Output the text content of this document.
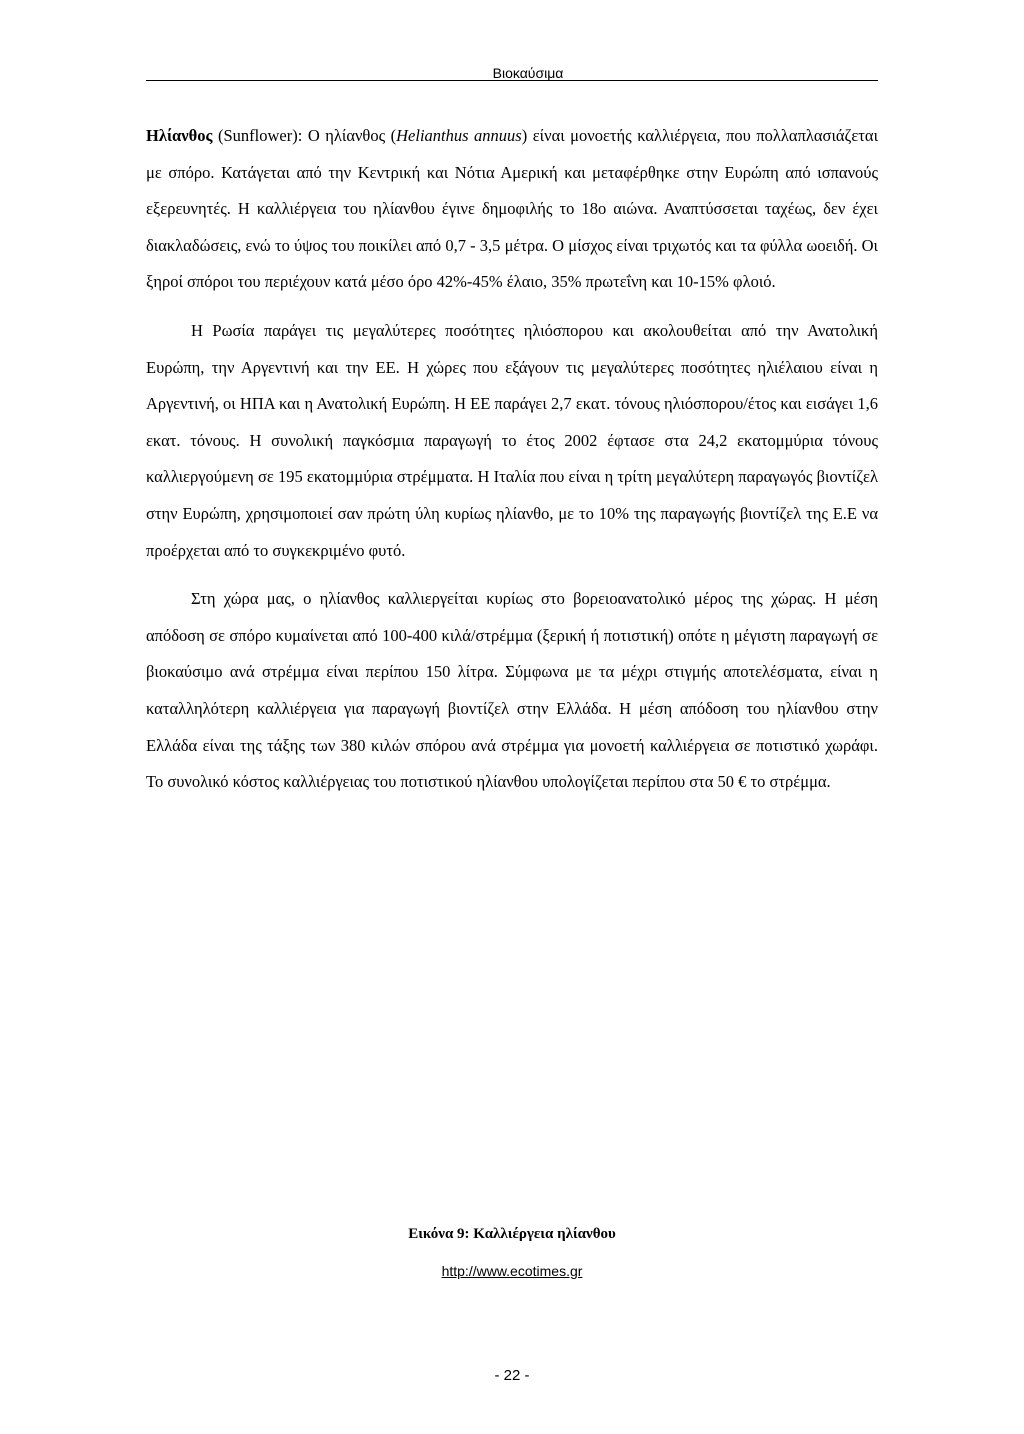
Βιοκαύσιμα

Ηλίανθος (Sunflower): Ο ηλίανθος (Helianthus annuus) είναι μονοετής καλλιέργεια, που πολλαπλασιάζεται με σπόρο. Κατάγεται από την Κεντρική και Νότια Αμερική και μεταφέρθηκε στην Ευρώπη από ισπανούς εξερευνητές. Η καλλιέργεια του ηλίανθου έγινε δημοφιλής το 18ο αιώνα. Αναπτύσσεται ταχέως, δεν έχει διακλαδώσεις, ενώ το ύψος του ποικίλει από 0,7 - 3,5 μέτρα. Ο μίσχος είναι τριχωτός και τα φύλλα ωοειδή. Οι ξηροί σπόροι του περιέχουν κατά μέσο όρο 42%-45% έλαιο, 35% πρωτεΐνη και 10-15% φλοιό.

Η Ρωσία παράγει τις μεγαλύτερες ποσότητες ηλιόσπορου και ακολουθείται από την Ανατολική Ευρώπη, την Αργεντινή και την ΕΕ. Η χώρες που εξάγουν τις μεγαλύτερες ποσότητες ηλιέλαιου είναι η Αργεντινή, οι ΗΠΑ και η Ανατολική Ευρώπη. Η ΕΕ παράγει 2,7 εκατ. τόνους ηλιόσπορου/έτος και εισάγει 1,6 εκατ. τόνους. Η συνολική παγκόσμια παραγωγή το έτος 2002 έφτασε στα 24,2 εκατομμύρια τόνους καλλιεργούμενη σε 195 εκατομμύρια στρέμματα. Η Ιταλία που είναι η τρίτη μεγαλύτερη παραγωγός βιοντίζελ στην Ευρώπη, χρησιμοποιεί σαν πρώτη ύλη κυρίως ηλίανθο, με το 10% της παραγωγής βιοντίζελ της Ε.Ε να προέρχεται από το συγκεκριμένο φυτό.

Στη χώρα μας, ο ηλίανθος καλλιεργείται κυρίως στο βορειοανατολικό μέρος της χώρας. Η μέση απόδοση σε σπόρο κυμαίνεται από 100-400 κιλά/στρέμμα (ξερική ή ποτιστική) οπότε η μέγιστη παραγωγή σε βιοκαύσιμο ανά στρέμμα είναι περίπου 150 λίτρα. Σύμφωνα με τα μέχρι στιγμής αποτελέσματα, είναι η καταλληλότερη καλλιέργεια για παραγωγή βιοντίζελ στην Ελλάδα. Η μέση απόδοση του ηλίανθου στην Ελλάδα είναι της τάξης των 380 κιλών σπόρου ανά στρέμμα για μονοετή καλλιέργεια σε ποτιστικό χωράφι. Το συνολικό κόστος καλλιέργειας του ποτιστικού ηλίανθου υπολογίζεται περίπου στα 50 € το στρέμμα.

Εικόνα 9: Καλλιέργεια ηλίανθου
http://www.ecotimes.gr
- 22 -
